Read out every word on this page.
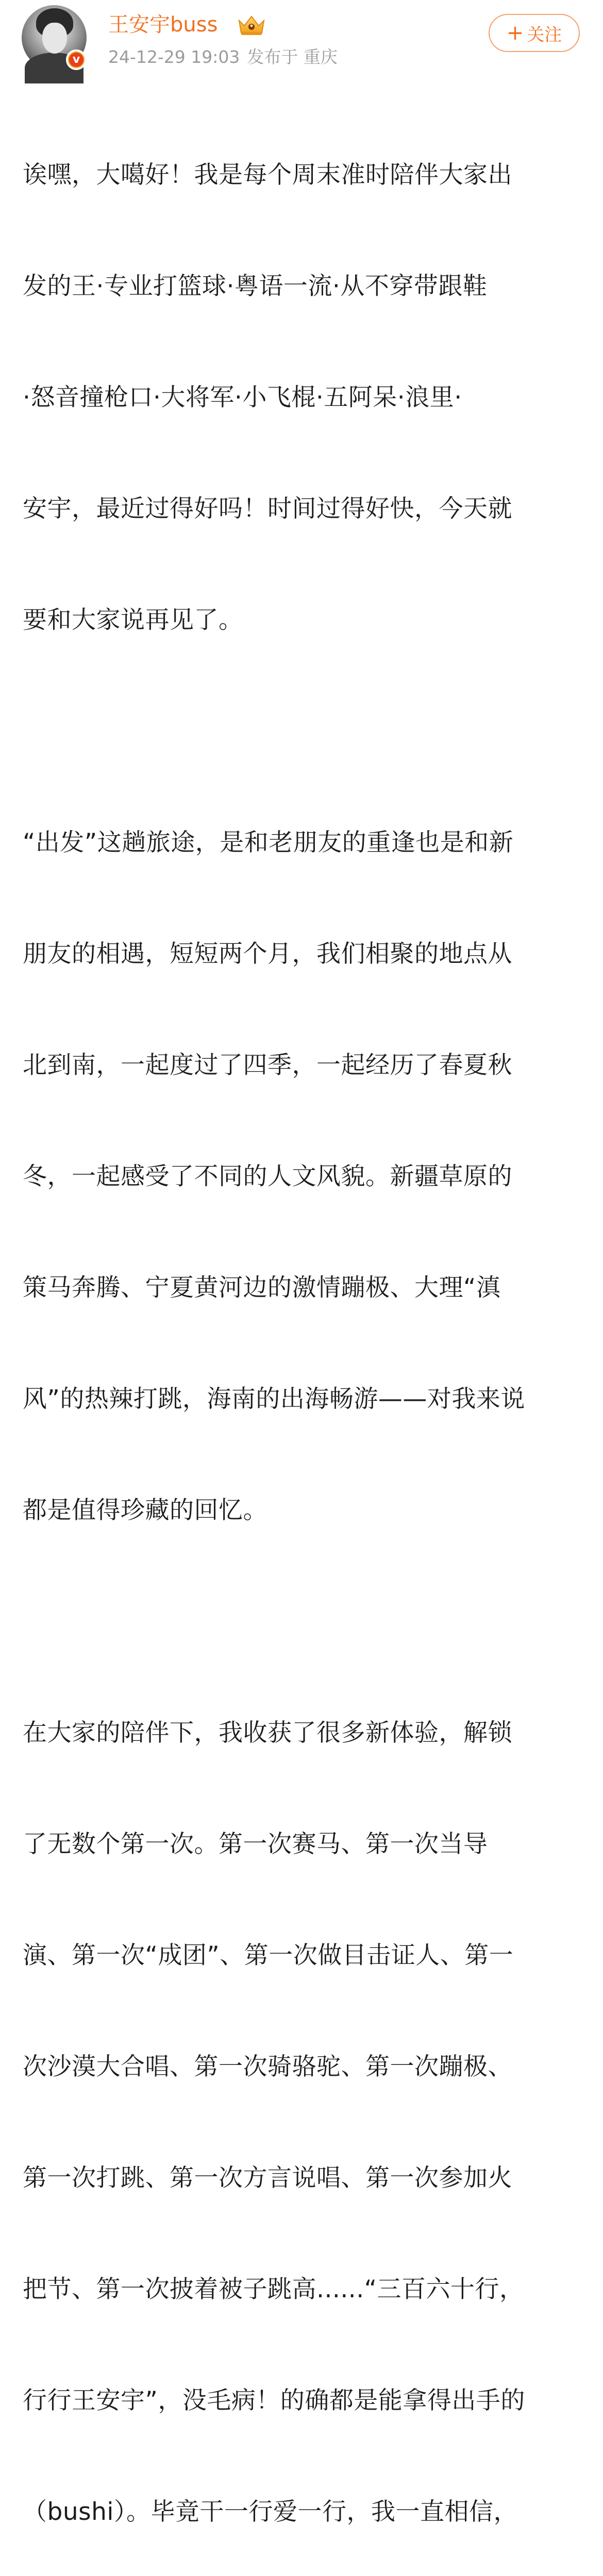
v
王安宇buss
24-12-29 19:03 发布于 重庆
+ 关注

诶嘿，大噶好！我是每个周末准时陪伴大家出

发的王·专业打篮球·粤语一流·从不穿带跟鞋

·怒音撞枪口·大将军·小飞棍·五阿呆·浪里·

安宇，最近过得好吗！时间过得好快，今天就

要和大家说再见了。

“出发”这趟旅途，是和老朋友的重逢也是和新

朋友的相遇，短短两个月，我们相聚的地点从

北到南，一起度过了四季，一起经历了春夏秋

冬，一起感受了不同的人文风貌。新疆草原的

策马奔腾、宁夏黄河边的激情蹦极、大理“滇

风”的热辣打跳，海南的出海畅游——对我来说

都是值得珍藏的回忆。

在大家的陪伴下，我收获了很多新体验，解锁

了无数个第一次。第一次赛马、第一次当导

演、第一次“成团”、第一次做目击证人、第一

次沙漠大合唱、第一次骑骆驼、第一次蹦极、

第一次打跳、第一次方言说唱、第一次参加火

把节、第一次披着被子跳高......“三百六十行，

行行王安宇”，没毛病！的确都是能拿得出手的

（bushi）。毕竟干一行爱一行，我一直相信，
